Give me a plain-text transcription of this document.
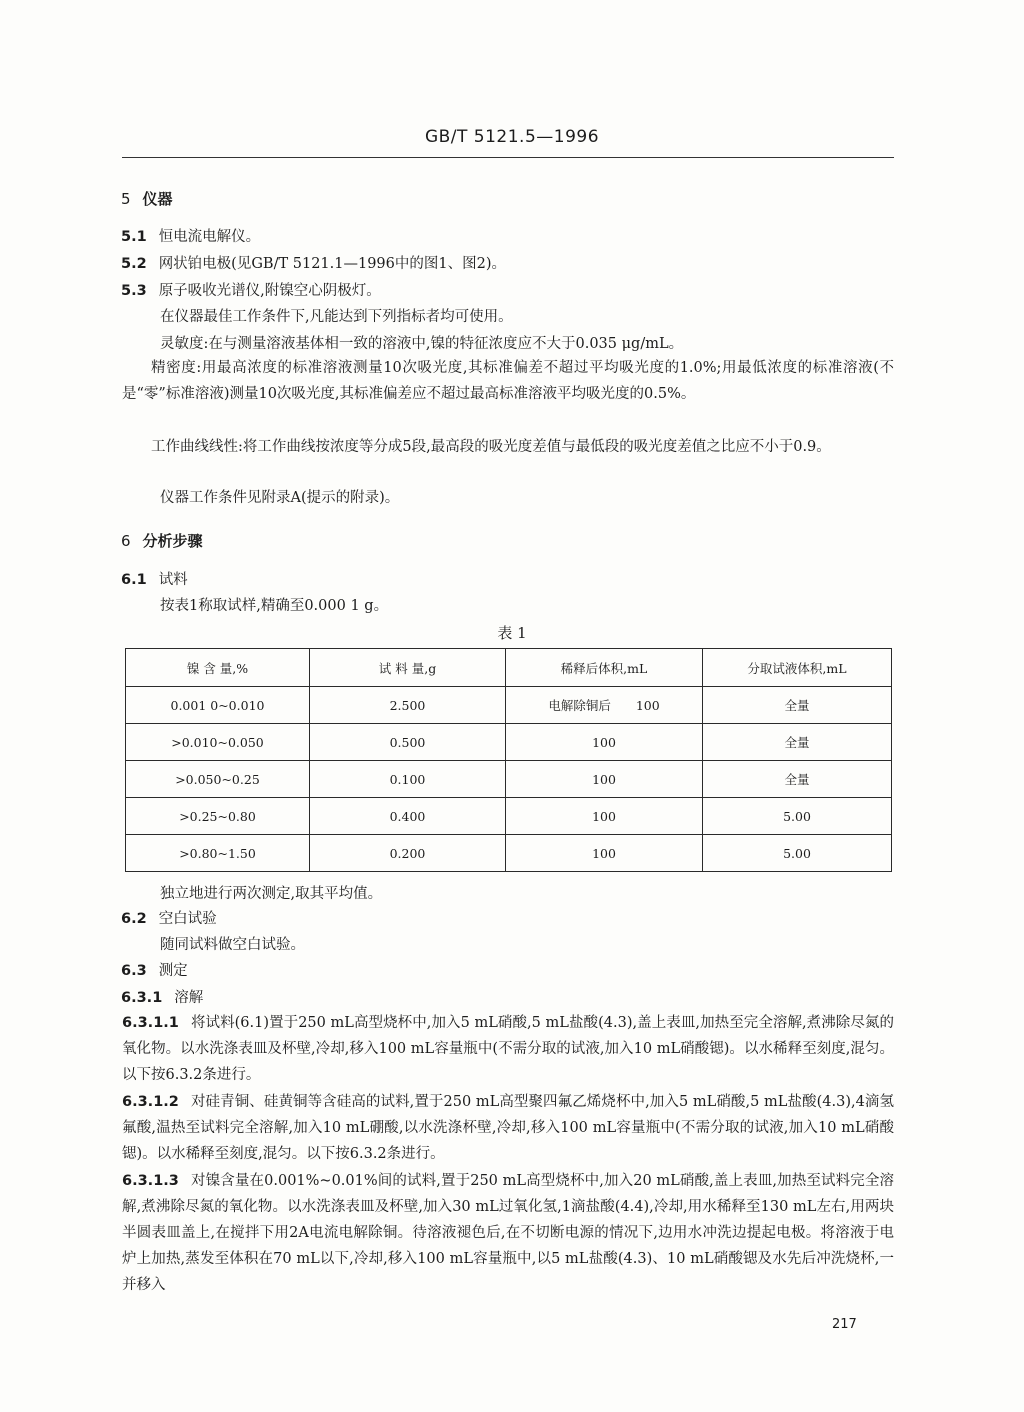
GB/T 5121.5—1996
5 仪器
5.1 恒电流电解仪。
5.2 网状铂电极(见GB/T 5121.1—1996中的图1、图2)。
5.3 原子吸收光谱仪,附镍空心阴极灯。
在仪器最佳工作条件下,凡能达到下列指标者均可使用。
灵敏度:在与测量溶液基体相一致的溶液中,镍的特征浓度应不大于0.035 μg/mL。
精密度:用最高浓度的标准溶液测量10次吸光度,其标准偏差不超过平均吸光度的1.0%;用最低浓度的标准溶液(不是“零”标准溶液)测量10次吸光度,其标准偏差应不超过最高标准溶液平均吸光度的0.5%。
工作曲线线性:将工作曲线按浓度等分成5段,最高段的吸光度差值与最低段的吸光度差值之比应不小于0.9。
仪器工作条件见附录A(提示的附录)。
6 分析步骤
6.1 试料
按表1称取试样,精确至0.000 1 g。
表 1
镍 含 量,%	试 料 量,g	稀释后体积,mL	分取试液体积,mL
0.001 0~0.010	2.500	电解除铜后　　100	全量
>0.010~0.050	0.500	100	全量
>0.050~0.25	0.100	100	全量
>0.25~0.80	0.400	100	5.00
>0.80~1.50	0.200	100	5.00
独立地进行两次测定,取其平均值。
6.2 空白试验
随同试料做空白试验。
6.3 测定
6.3.1 溶解
6.3.1.1 将试料(6.1)置于250 mL高型烧杯中,加入5 mL硝酸,5 mL盐酸(4.3),盖上表皿,加热至完全溶解,煮沸除尽氮的氧化物。以水洗涤表皿及杯壁,冷却,移入100 mL容量瓶中(不需分取的试液,加入10 mL硝酸锶)。以水稀释至刻度,混匀。以下按6.3.2条进行。
6.3.1.2 对硅青铜、硅黄铜等含硅高的试料,置于250 mL高型聚四氟乙烯烧杯中,加入5 mL硝酸,5 mL盐酸(4.3),4滴氢氟酸,温热至试料完全溶解,加入10 mL硼酸,以水洗涤杯壁,冷却,移入100 mL容量瓶中(不需分取的试液,加入10 mL硝酸锶)。以水稀释至刻度,混匀。以下按6.3.2条进行。
6.3.1.3 对镍含量在0.001%~0.01%间的试料,置于250 mL高型烧杯中,加入20 mL硝酸,盖上表皿,加热至试料完全溶解,煮沸除尽氮的氧化物。以水洗涤表皿及杯壁,加入30 mL过氧化氢,1滴盐酸(4.4),冷却,用水稀释至130 mL左右,用两块半圆表皿盖上,在搅拌下用2A电流电解除铜。待溶液褪色后,在不切断电源的情况下,边用水冲洗边提起电极。将溶液于电炉上加热,蒸发至体积在70 mL以下,冷却,移入100 mL容量瓶中,以5 mL盐酸(4.3)、10 mL硝酸锶及水先后冲洗烧杯,一并移入
217
